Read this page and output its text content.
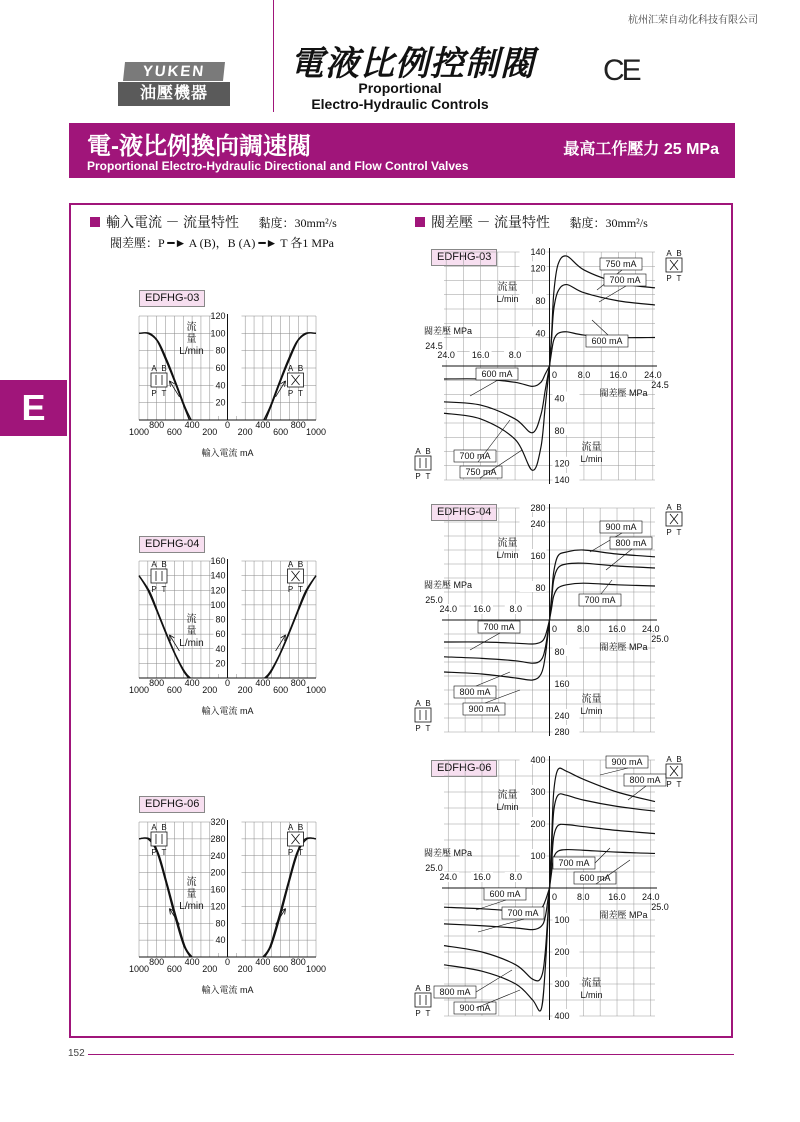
杭州汇荣自动化科技有限公司
YUKEN
油壓機器
電液比例控制閥
Proportional
Electro-Hydraulic Controls
CE
電-液比例換向調速閥
Proportional Electro-Hydraulic Directional and Flow Control Valves
最高工作壓力 25 MPa
E
輸入電流 － 流量特性 黏度：30mm²/s
閥差壓：P ━► A (B)，B (A) ━► T 各1 MPa
閥差壓 － 流量特性 黏度：30mm²/s
EDFHG-03
EDFHG-04
EDFHG-06
EDFHG-03
EDFHG-04
EDFHG-06
20
40
60
80
100
120
1000
800
600
400
200
0
200
400
600
800
1000
輸入電流 mA
流
量
L/min
A B
P T
A B
P T
20
40
60
80
100
120
140
160
1000
800
600
400
200
0
200
400
600
800
1000
輸入電流 mA
流
量
L/min
A B
P T
A B
P T
40
80
120
160
200
240
280
320
1000
800
600
400
200
0
200
400
600
800
1000
輸入電流 mA
流
量
L/min
A B
P T
A B
P T
40
80
120
140
40
80
120
140
24.0 16.0 8.0
0 8.0 16.0 24.0
24.5
24.5
閥差壓 MPa
閥差壓 MPa
流量
L/min
流量
L/min
750 mA
700 mA
600 mA
600 mA
700 mA
750 mA
A B
P T
A B
P T
80
160
240
280
80
160
240
280
24.0 16.0 8.0
0 8.0 16.0 24.0
25.0
25.0
閥差壓 MPa
閥差壓 MPa
流量
L/min
流量
L/min
900 mA
800 mA
700 mA
700 mA
800 mA
900 mA
A B
P T
A B
P T
100
200
300
400
100
200
300
400
24.0 16.0 8.0
0 8.0 16.0 24.0
25.0
25.0
閥差壓 MPa
閥差壓 MPa
流量
L/min
流量
L/min
900 mA
800 mA
700 mA
600 mA
600 mA
700 mA
800 mA
900 mA
A B
P T
A B
P T
152
